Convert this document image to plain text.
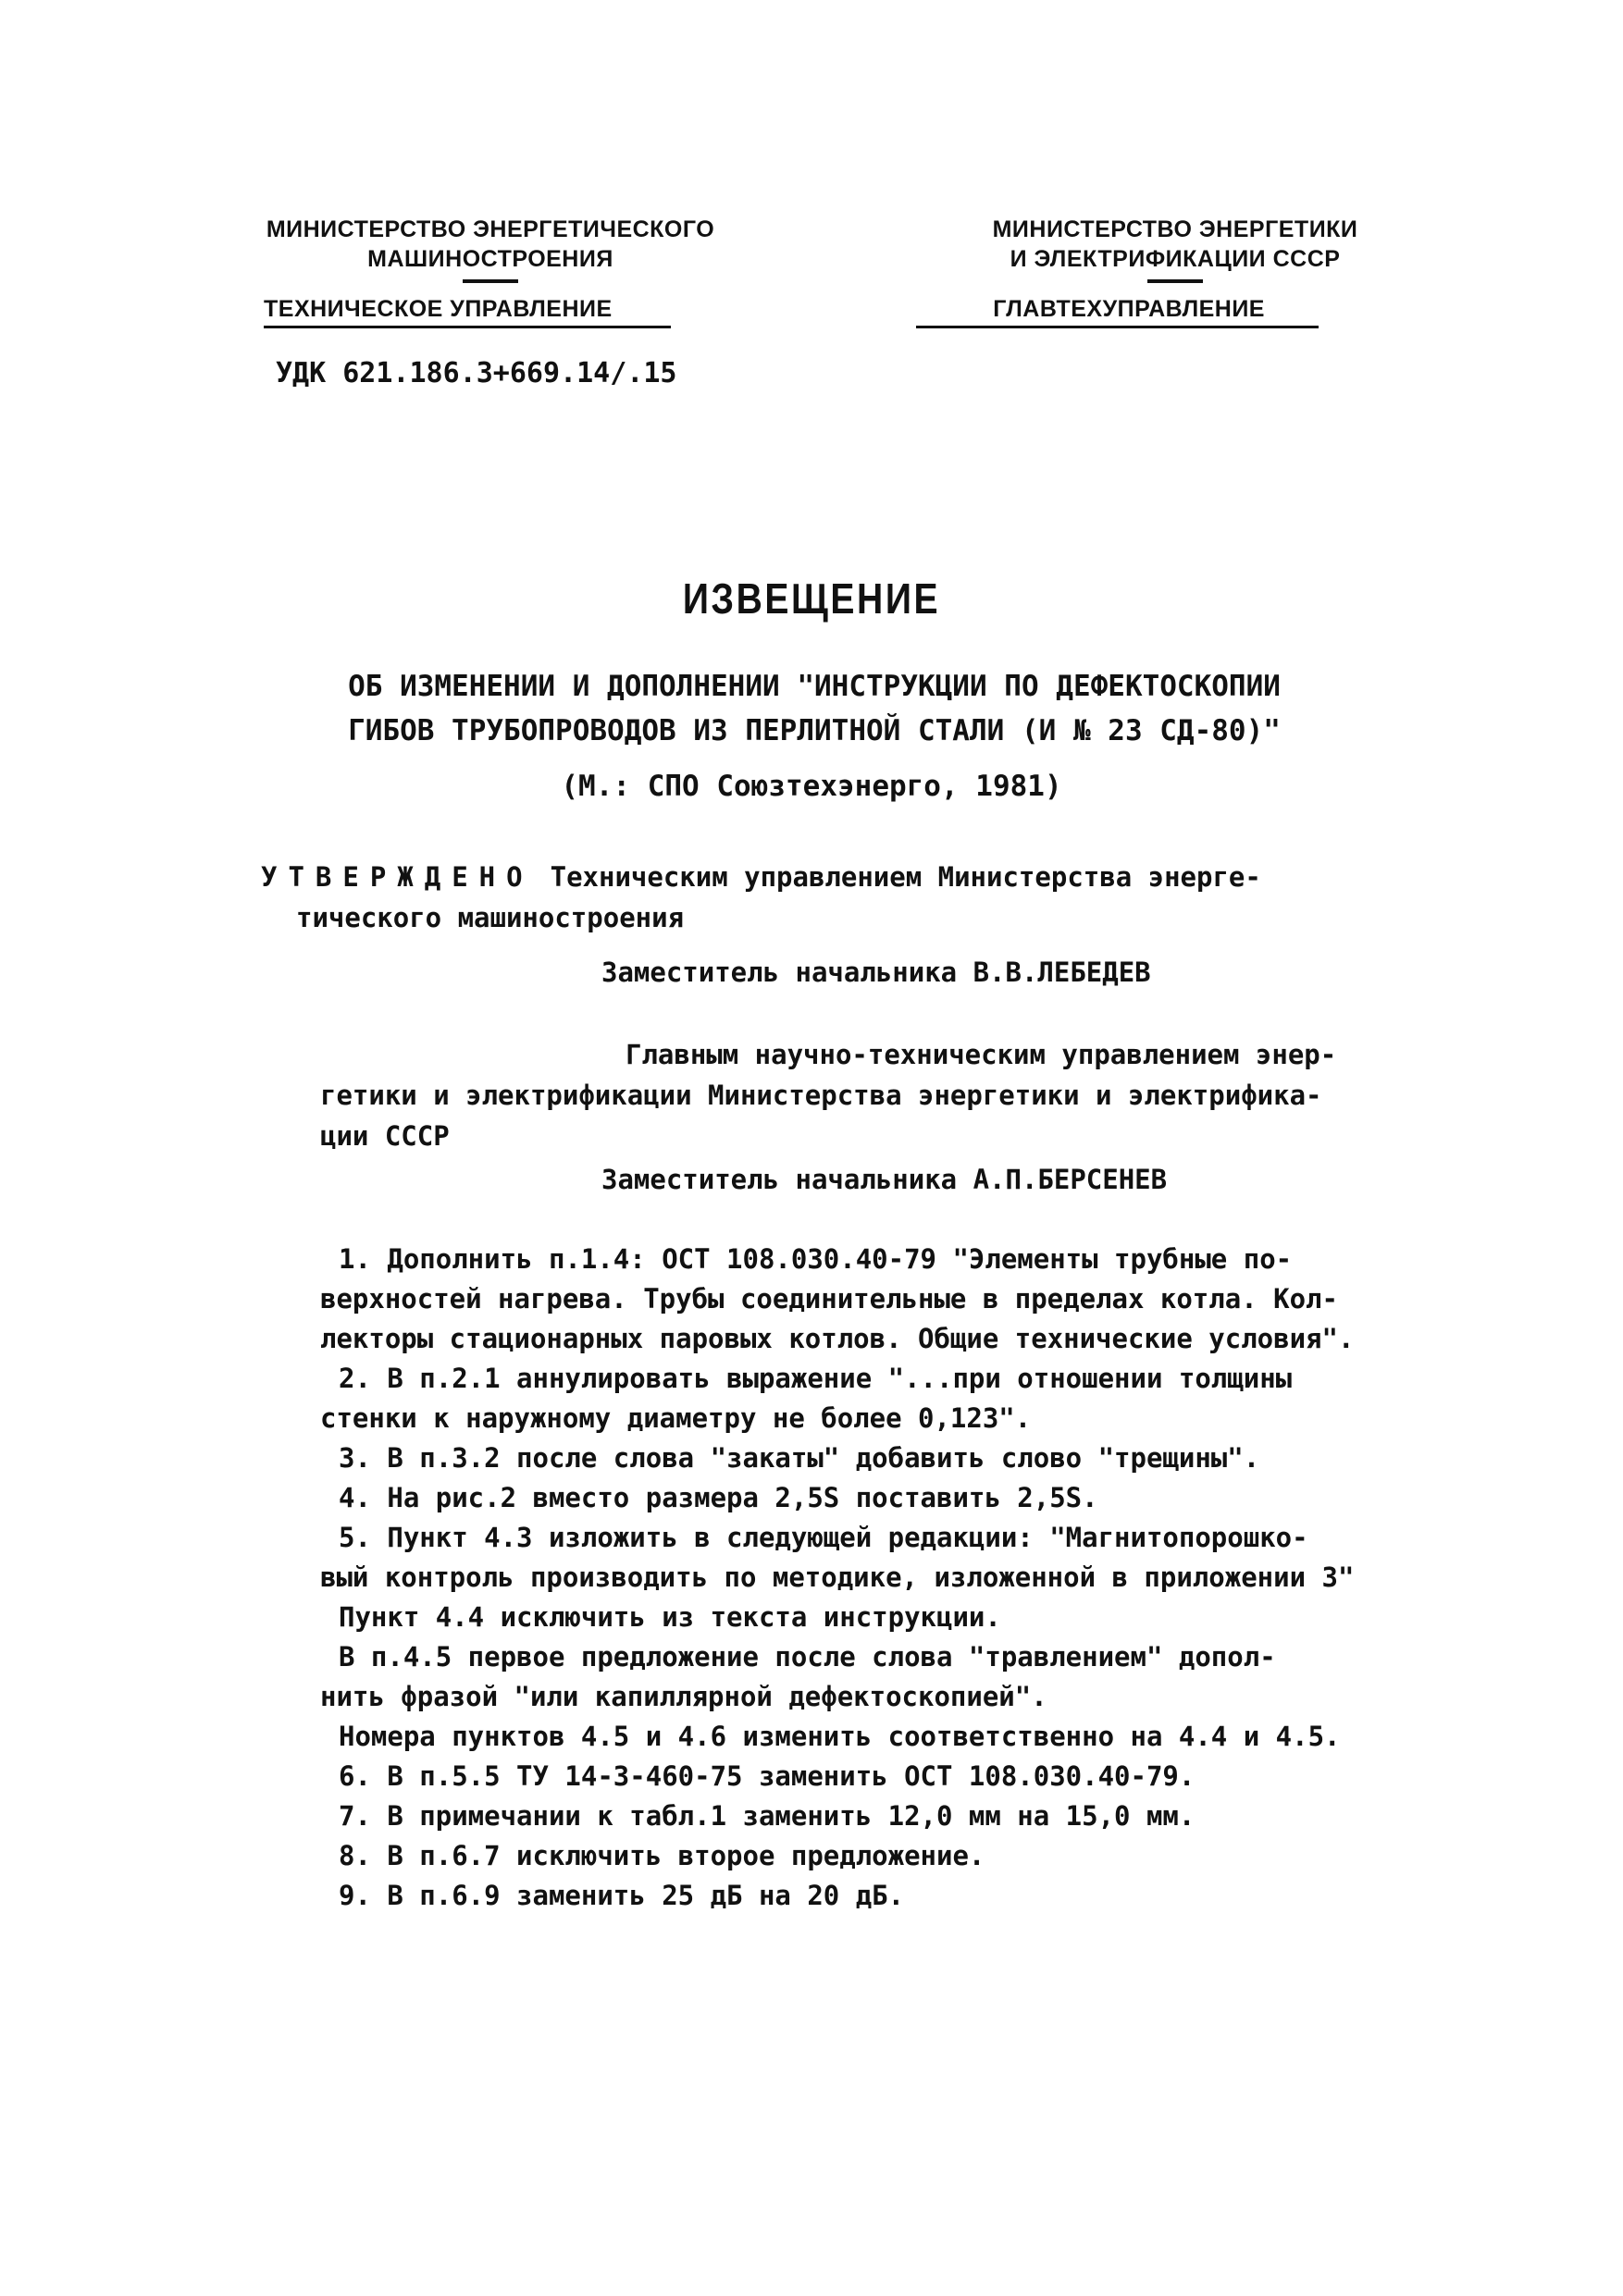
МИНИСТЕРСТВО ЭНЕРГЕТИЧЕСКОГО
МАШИНОСТРОЕНИЯ
МИНИСТЕРСТВО ЭНЕРГЕТИКИ
И ЭЛЕКТРИФИКАЦИИ СССР
ТЕХНИЧЕСКОЕ УПРАВЛЕНИЕ	ГЛАВТЕХУПРАВЛЕНИЕ
УДК 621.186.3+669.14/.15
ИЗВЕЩЕНИЕ
ОБ ИЗМЕНЕНИИ И ДОПОЛНЕНИИ "ИНСТРУКЦИИ ПО ДЕФЕКТОСКОПИИ
ГИБОВ ТРУБОПРОВОДОВ ИЗ ПЕРЛИТНОЙ СТАЛИ (И № 23 СД-80)"
(М.: СПО Союзтехэнерго, 1981)
УТВЕРЖДЕНО Техническим управлением Министерства энерге-
тического машиностроения
Заместитель начальника В.В.ЛЕБЕДЕВ
Главным научно-техническим управлением энер-
гетики и электрификации Министерства энергетики и электрифика-
ции СССР
Заместитель начальника А.П.БЕРСЕНЕВ

1. Дополнить п.1.4: ОСТ 108.030.40-79 "Элементы трубные по-

верхностей нагрева. Трубы соединительные в пределах котла. Кол-

лекторы стационарных паровых котлов. Общие технические условия".

2. В п.2.1 аннулировать выражение "...при отношении толщины

стенки к наружному диаметру не более 0,123".

3. В п.3.2 после слова "закаты" добавить слово "трещины".

4. На рис.2 вместо размера 2,5S поставить 2,5S.

5. Пункт 4.3 изложить в следующей редакции: "Магнитопорошко-

вый контроль производить по методике, изложенной в приложении 3"

Пункт 4.4 исключить из текста инструкции.

В п.4.5 первое предложение после слова "травлением" допол-

нить фразой "или капиллярной дефектоскопией".

Номера пунктов 4.5 и 4.6 изменить соответственно на 4.4 и 4.5.

6. В п.5.5 ТУ 14-3-460-75 заменить ОСТ 108.030.40-79.

7. В примечании к табл.1 заменить 12,0 мм на 15,0 мм.

8. В п.6.7 исключить второе предложение.

9. В п.6.9 заменить 25 дБ на 20 дБ.
